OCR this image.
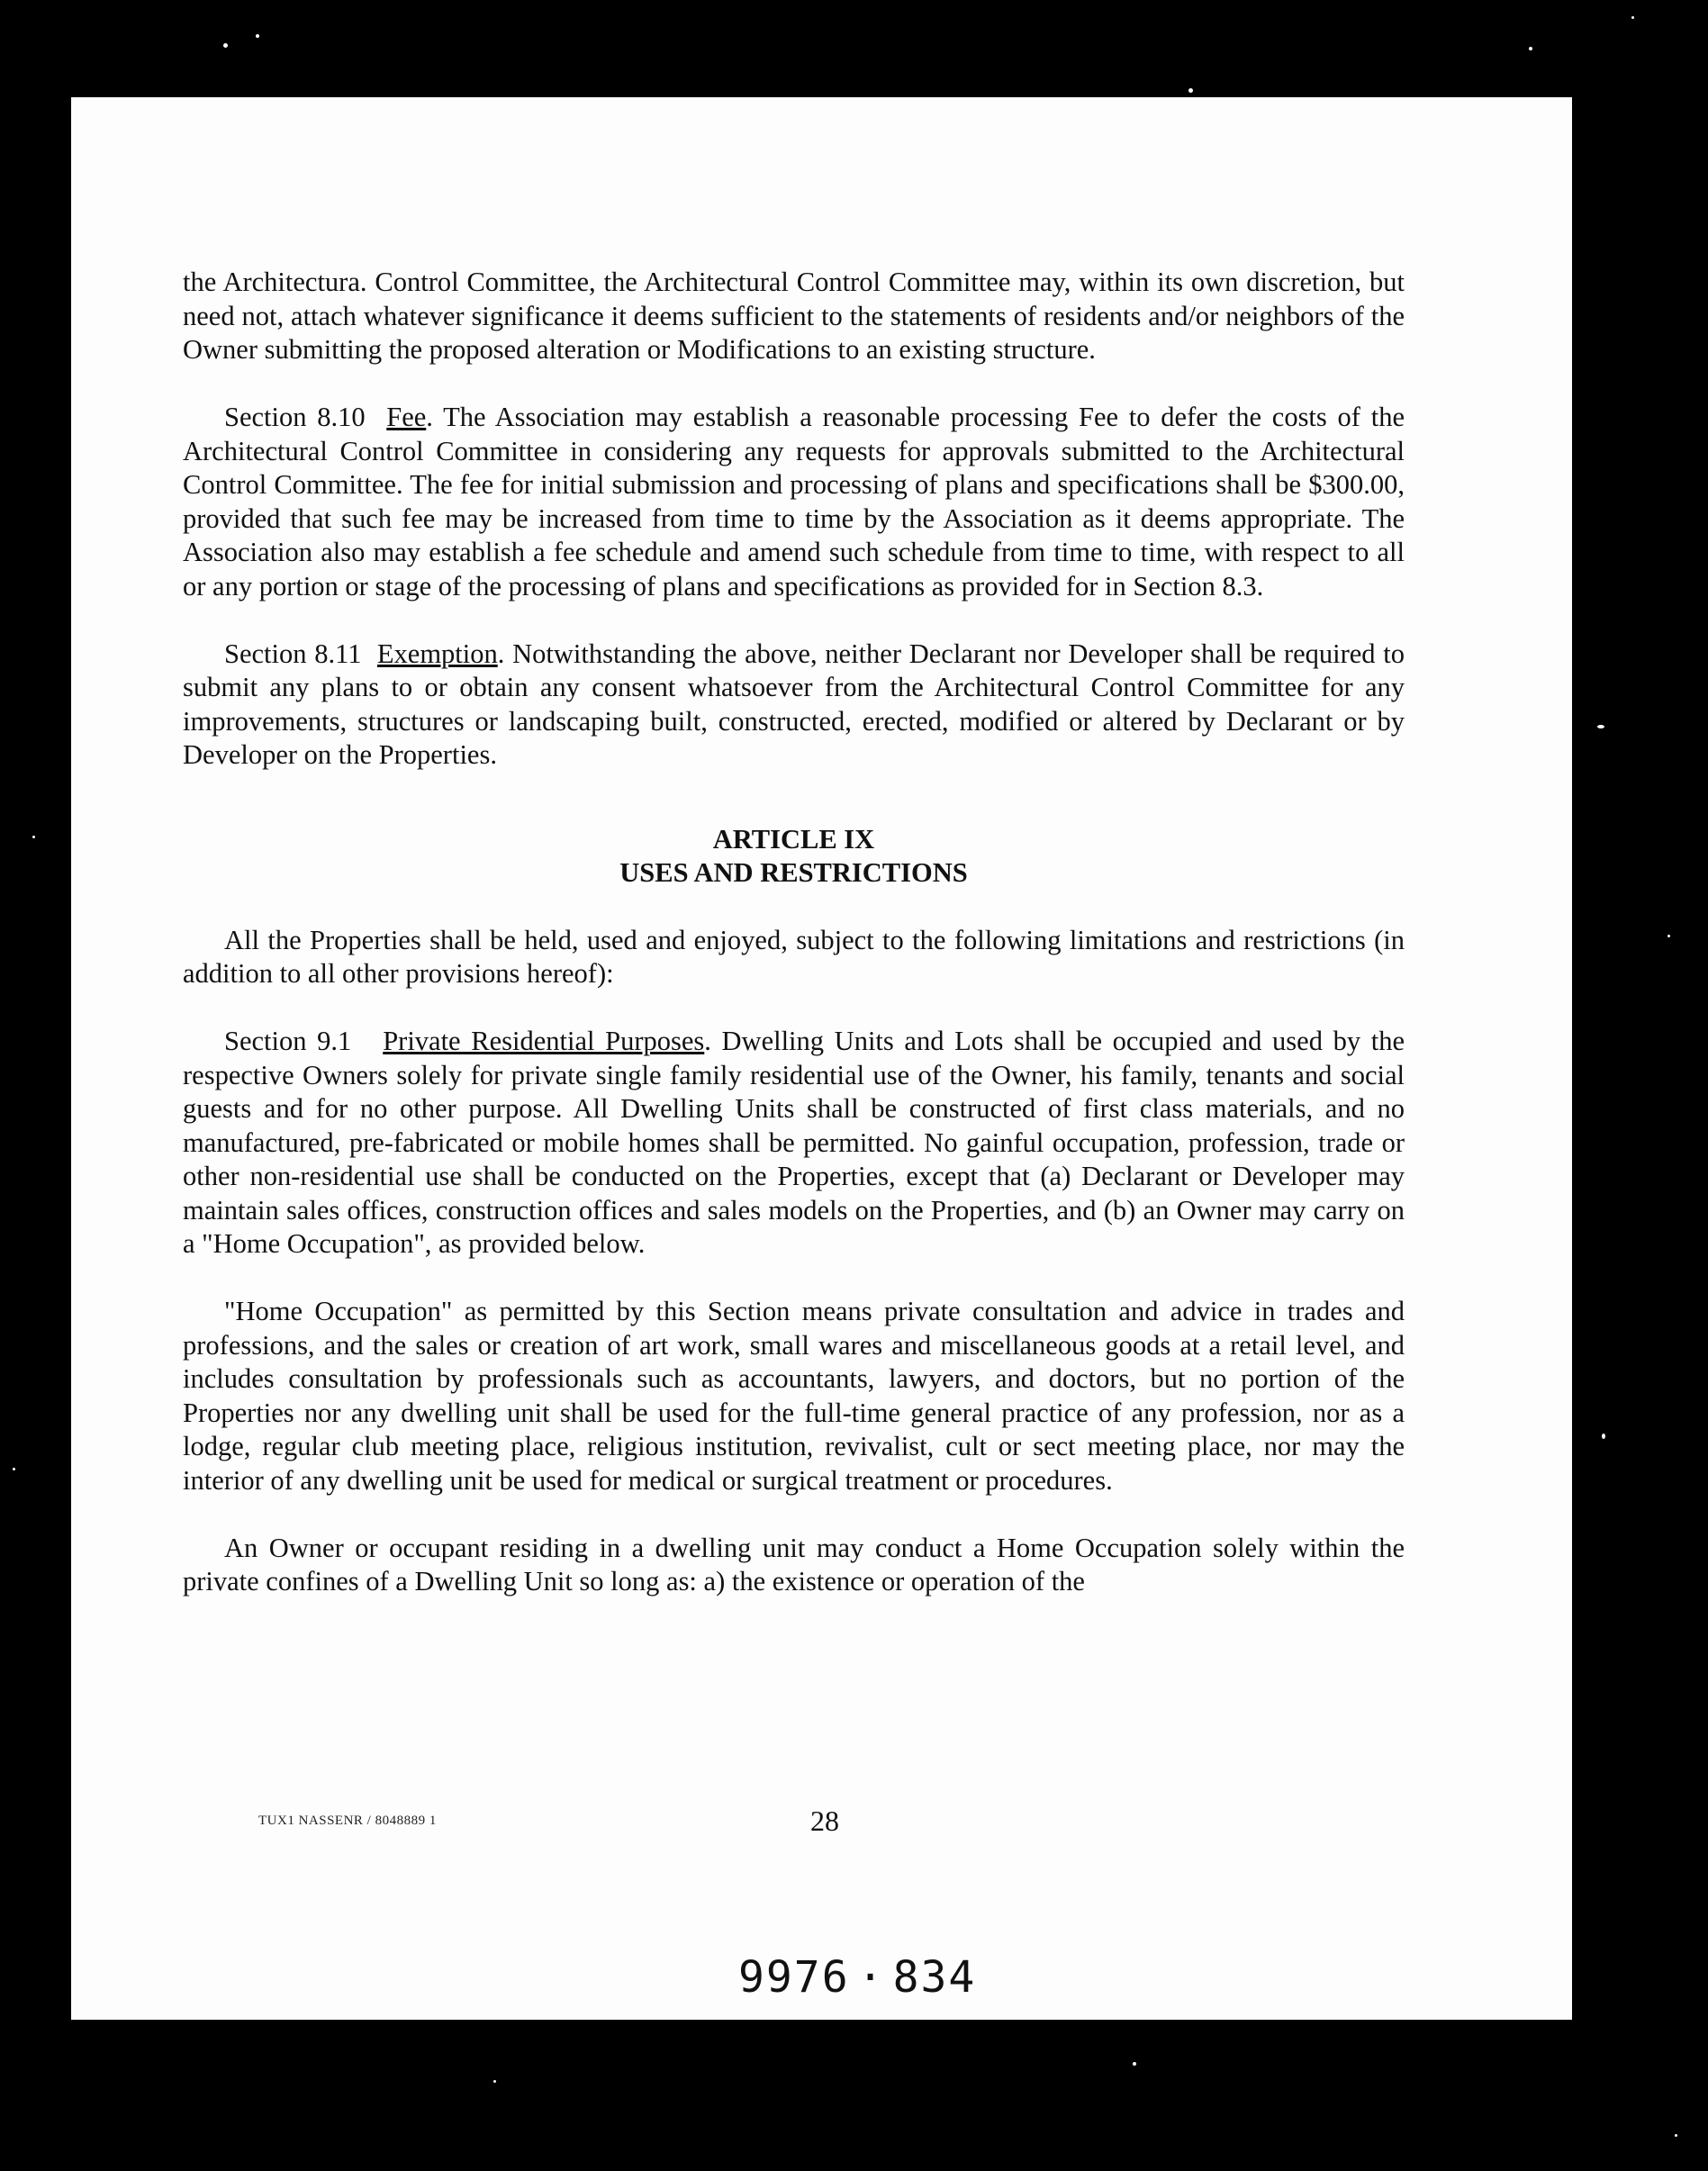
the Architectura. Control Committee, the Architectural Control Committee may, within its own discretion, but need not, attach whatever significance it deems sufficient to the statements of residents and/or neighbors of the Owner submitting the proposed alteration or Modifications to an existing structure.

Section 8.10 Fee. The Association may establish a reasonable processing Fee to defer the costs of the Architectural Control Committee in considering any requests for approvals submitted to the Architectural Control Committee. The fee for initial submission and processing of plans and specifications shall be $300.00, provided that such fee may be increased from time to time by the Association as it deems appropriate. The Association also may establish a fee schedule and amend such schedule from time to time, with respect to all or any portion or stage of the processing of plans and specifications as provided for in Section 8.3.

Section 8.11 Exemption. Notwithstanding the above, neither Declarant nor Developer shall be required to submit any plans to or obtain any consent whatsoever from the Architectural Control Committee for any improvements, structures or landscaping built, constructed, erected, modified or altered by Declarant or by Developer on the Properties.

ARTICLE IX

USES AND RESTRICTIONS

All the Properties shall be held, used and enjoyed, subject to the following limitations and restrictions (in addition to all other provisions hereof):

Section 9.1 Private Residential Purposes. Dwelling Units and Lots shall be occupied and used by the respective Owners solely for private single family residential use of the Owner, his family, tenants and social guests and for no other purpose. All Dwelling Units shall be constructed of first class materials, and no manufactured, pre-fabricated or mobile homes shall be permitted. No gainful occupation, profession, trade or other non-residential use shall be conducted on the Properties, except that (a) Declarant or Developer may maintain sales offices, construction offices and sales models on the Properties, and (b) an Owner may carry on a "Home Occupation", as provided below.

"Home Occupation" as permitted by this Section means private consultation and advice in trades and professions, and the sales or creation of art work, small wares and miscellaneous goods at a retail level, and includes consultation by professionals such as accountants, lawyers, and doctors, but no portion of the Properties nor any dwelling unit shall be used for the full-time general practice of any profession, nor as a lodge, regular club meeting place, religious institution, revivalist, cult or sect meeting place, nor may the interior of any dwelling unit be used for medical or surgical treatment or procedures.

An Owner or occupant residing in a dwelling unit may conduct a Home Occupation solely within the private confines of a Dwelling Unit so long as: a) the existence or operation of the

TUX1 NASSENR / 8048889 1	28
9976 · 834
